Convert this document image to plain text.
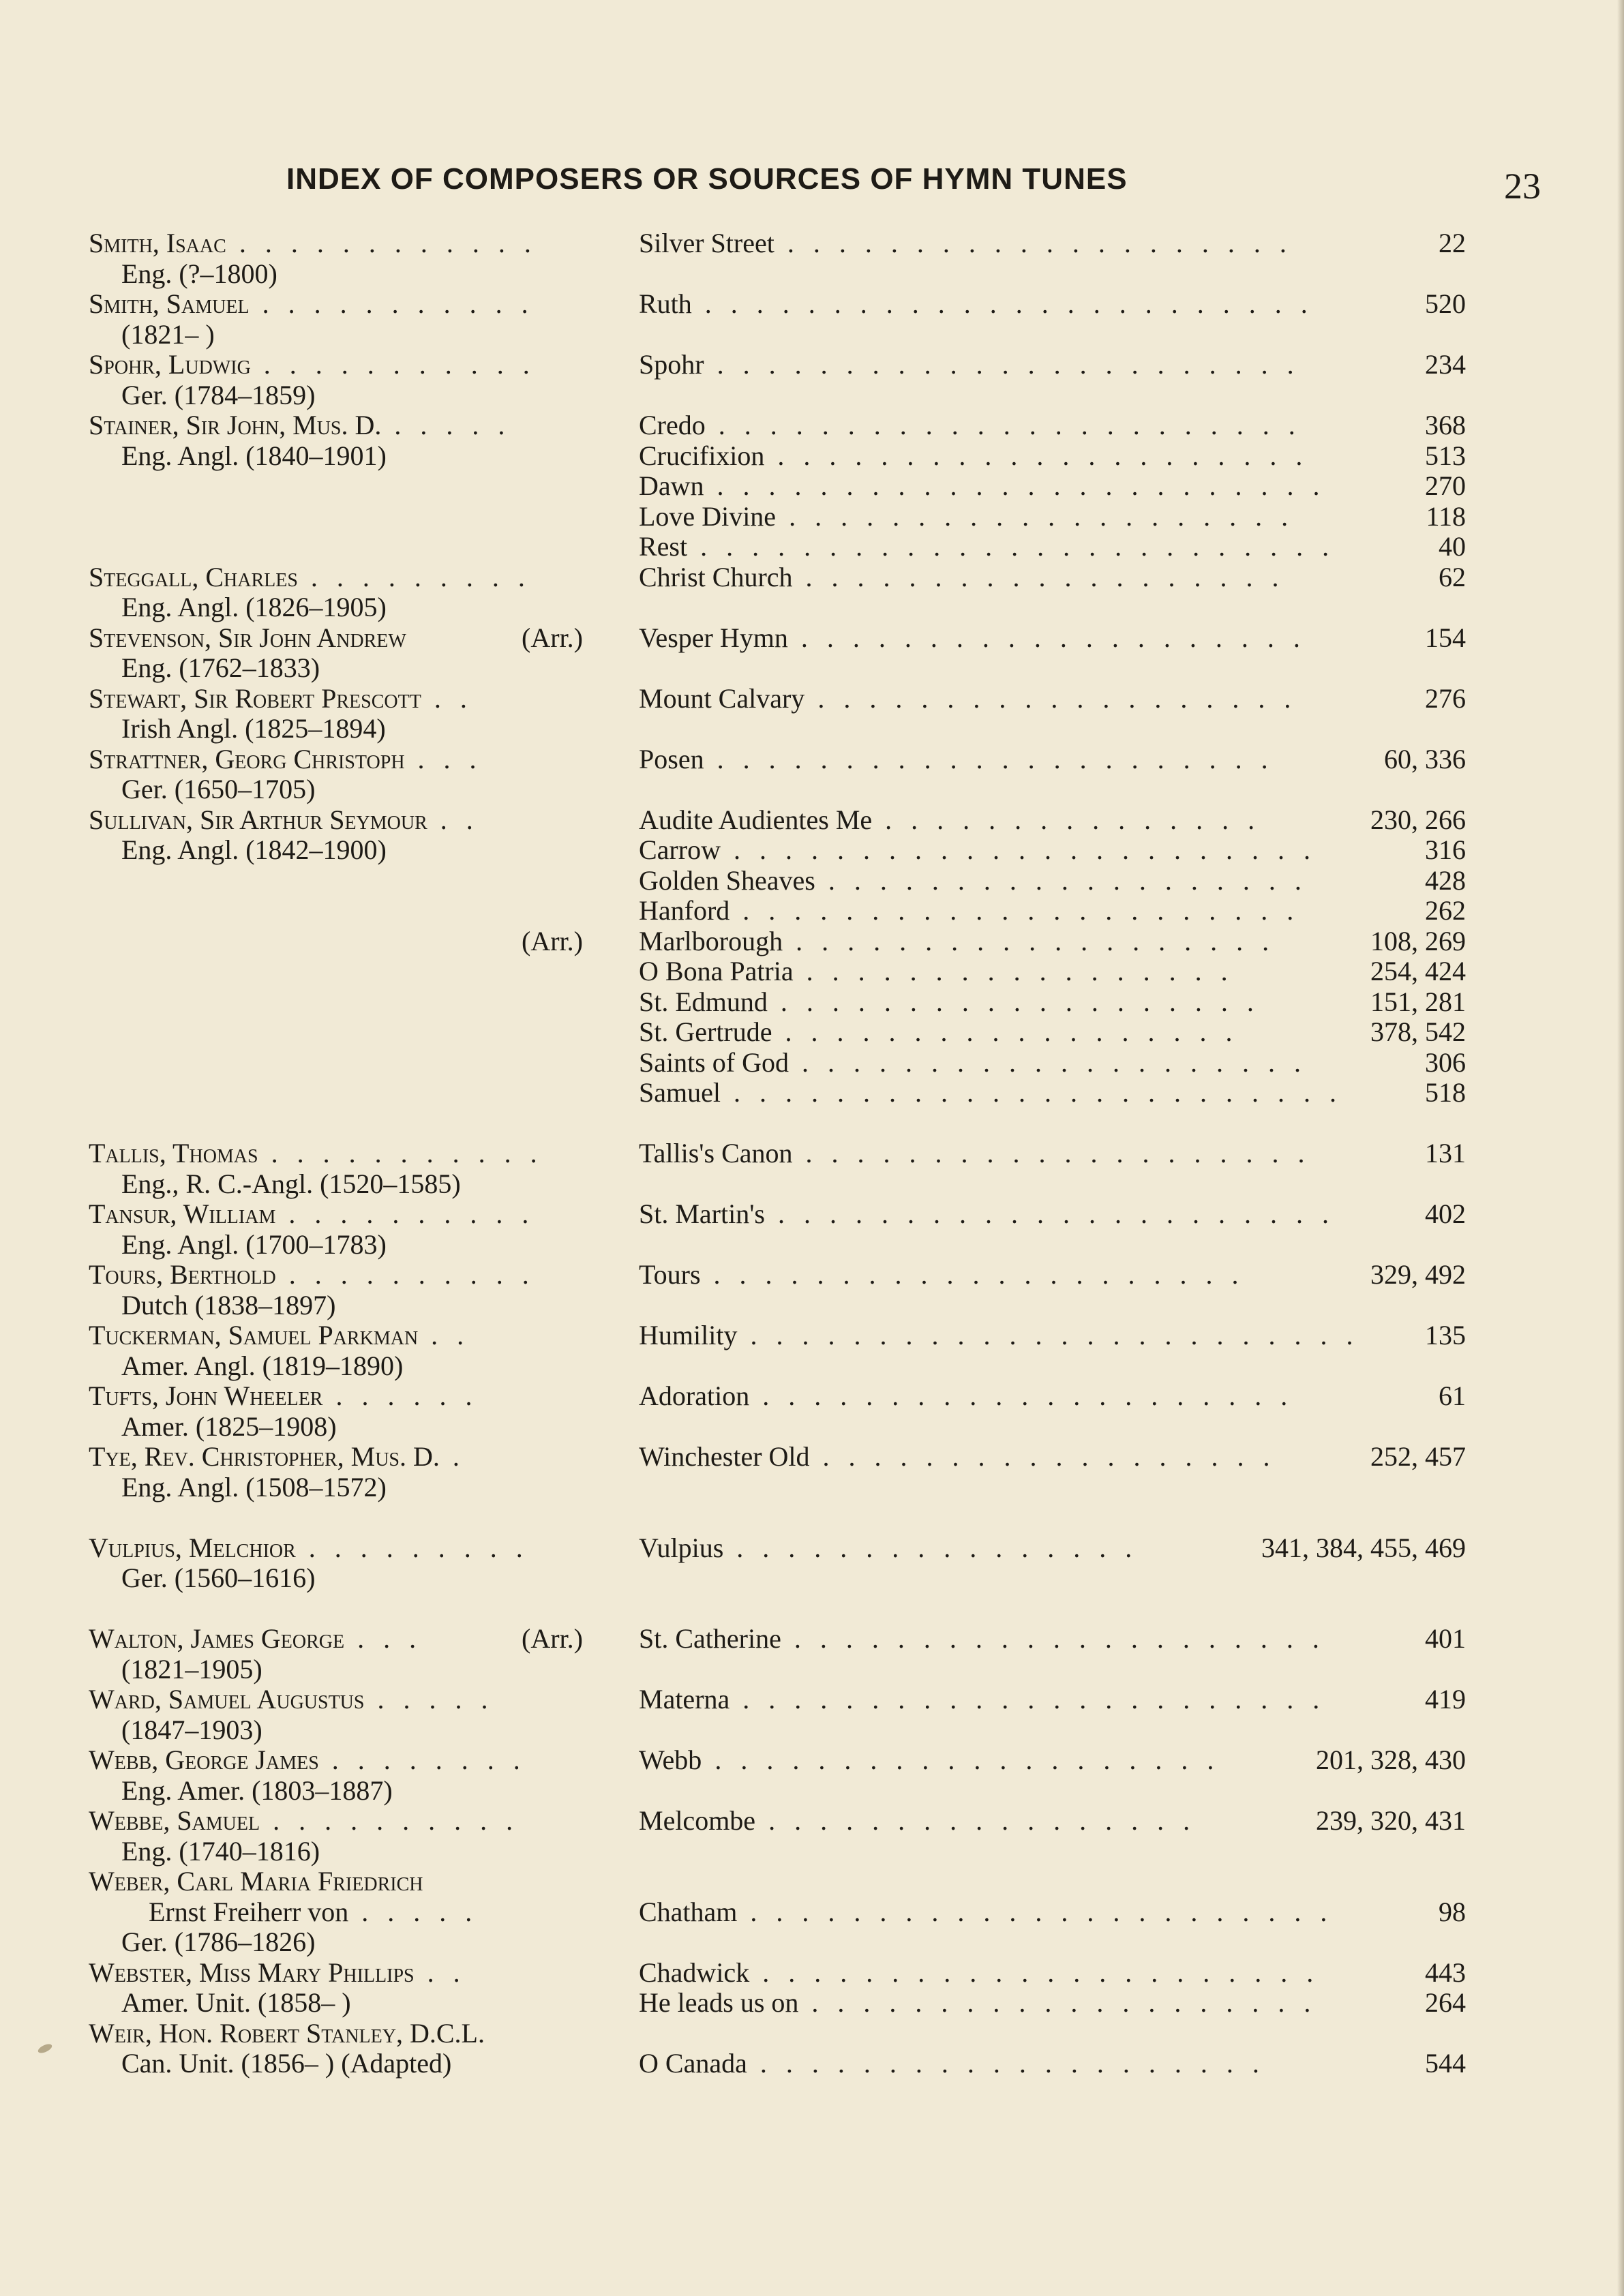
INDEX OF COMPOSERS OR SOURCES OF HYMN TUNES	23
Smith, Isaac . . . . . . . . . . . .	Silver Street . . . . . . . . . . . . . . . . . . . .	22
Eng. (?–1800)
Smith, Samuel . . . . . . . . . . .	Ruth . . . . . . . . . . . . . . . . . . . . . . . .	520
(1821– )
Spohr, Ludwig . . . . . . . . . . .	Spohr . . . . . . . . . . . . . . . . . . . . . . .	234
Ger. (1784–1859)
Stainer, Sir John, Mus. D. . . . . .	Credo . . . . . . . . . . . . . . . . . . . . . . .	368
Eng. Angl. (1840–1901)	Crucifixion . . . . . . . . . . . . . . . . . . . . .	513
Dawn . . . . . . . . . . . . . . . . . . . . . . . .	270
Love Divine . . . . . . . . . . . . . . . . . . . .	118
Rest . . . . . . . . . . . . . . . . . . . . . . . . .	40
Steggall, Charles . . . . . . . . .	Christ Church . . . . . . . . . . . . . . . . . . .	62
Eng. Angl. (1826–1905)
Stevenson, Sir John Andrew	(Arr.) Vesper Hymn . . . . . . . . . . . . . . . . . . . .	154
Eng. (1762–1833)
Stewart, Sir Robert Prescott . .	Mount Calvary . . . . . . . . . . . . . . . . . . .	276
Irish Angl. (1825–1894)
Strattner, Georg Christoph . . .	Posen . . . . . . . . . . . . . . . . . . . . . .	60, 336
Ger. (1650–1705)
Sullivan, Sir Arthur Seymour . .	Audite Audientes Me . . . . . . . . . . . . . . .	230, 266
Eng. Angl. (1842–1900)	Carrow . . . . . . . . . . . . . . . . . . . . . . .	316
Golden Sheaves . . . . . . . . . . . . . . . . . . .	428
Hanford . . . . . . . . . . . . . . . . . . . . . .	262
(Arr.) Marlborough . . . . . . . . . . . . . . . . . . .	108, 269
O Bona Patria . . . . . . . . . . . . . . . . .	254, 424
St. Edmund . . . . . . . . . . . . . . . . . . .	151, 281
St. Gertrude . . . . . . . . . . . . . . . . . .	378, 542
Saints of God . . . . . . . . . . . . . . . . . . . .	306
Samuel . . . . . . . . . . . . . . . . . . . . . . . .	518
Tallis, Thomas . . . . . . . . . . .	Tallis's Canon . . . . . . . . . . . . . . . . . . . .	131
Eng., R. C.-Angl. (1520–1585)
Tansur, William . . . . . . . . . .	St. Martin's . . . . . . . . . . . . . . . . . . . . . .	402
Eng. Angl. (1700–1783)
Tours, Berthold . . . . . . . . . .	Tours . . . . . . . . . . . . . . . . . . . . .	329, 492
Dutch (1838–1897)
Tuckerman, Samuel Parkman . .	Humility . . . . . . . . . . . . . . . . . . . . . . . . 135
Amer. Angl. (1819–1890)
Tufts, John Wheeler . . . . . .	Adoration . . . . . . . . . . . . . . . . . . . . .	61
Amer. (1825–1908)
Tye, Rev. Christopher, Mus. D. .	Winchester Old . . . . . . . . . . . . . . . . . .	252, 457
Eng. Angl. (1508–1572)
Vulpius, Melchior . . . . . . . . .	Vulpius . . . . . . . . . . . . . . . .	341, 384, 455, 469
Ger. (1560–1616)
Walton, James George . . .	(Arr.) St. Catherine . . . . . . . . . . . . . . . . . . . . .	401
(1821–1905)
Ward, Samuel Augustus . . . . .	Materna . . . . . . . . . . . . . . . . . . . . . . .	419
(1847–1903)
Webb, George James . . . . . . . .	Webb . . . . . . . . . . . . . . . . . . . .	201, 328, 430
Eng. Amer. (1803–1887)
Webbe, Samuel . . . . . . . . . .	Melcombe . . . . . . . . . . . . . . . . .	239, 320, 431
Eng. (1740–1816)
Weber, Carl Maria Friedrich
Ernst Freiherr von . . . . .	Chatham . . . . . . . . . . . . . . . . . . . . . . .	98
Ger. (1786–1826)
Webster, Miss Mary Phillips . .	Chadwick . . . . . . . . . . . . . . . . . . . . . .	443
Amer. Unit. (1858– )	He leads us on . . . . . . . . . . . . . . . . . . . .	264
Weir, Hon. Robert Stanley, D.C.L.
Can. Unit. (1856– ) (Adapted)	O Canada . . . . . . . . . . . . . . . . . . . .	544
